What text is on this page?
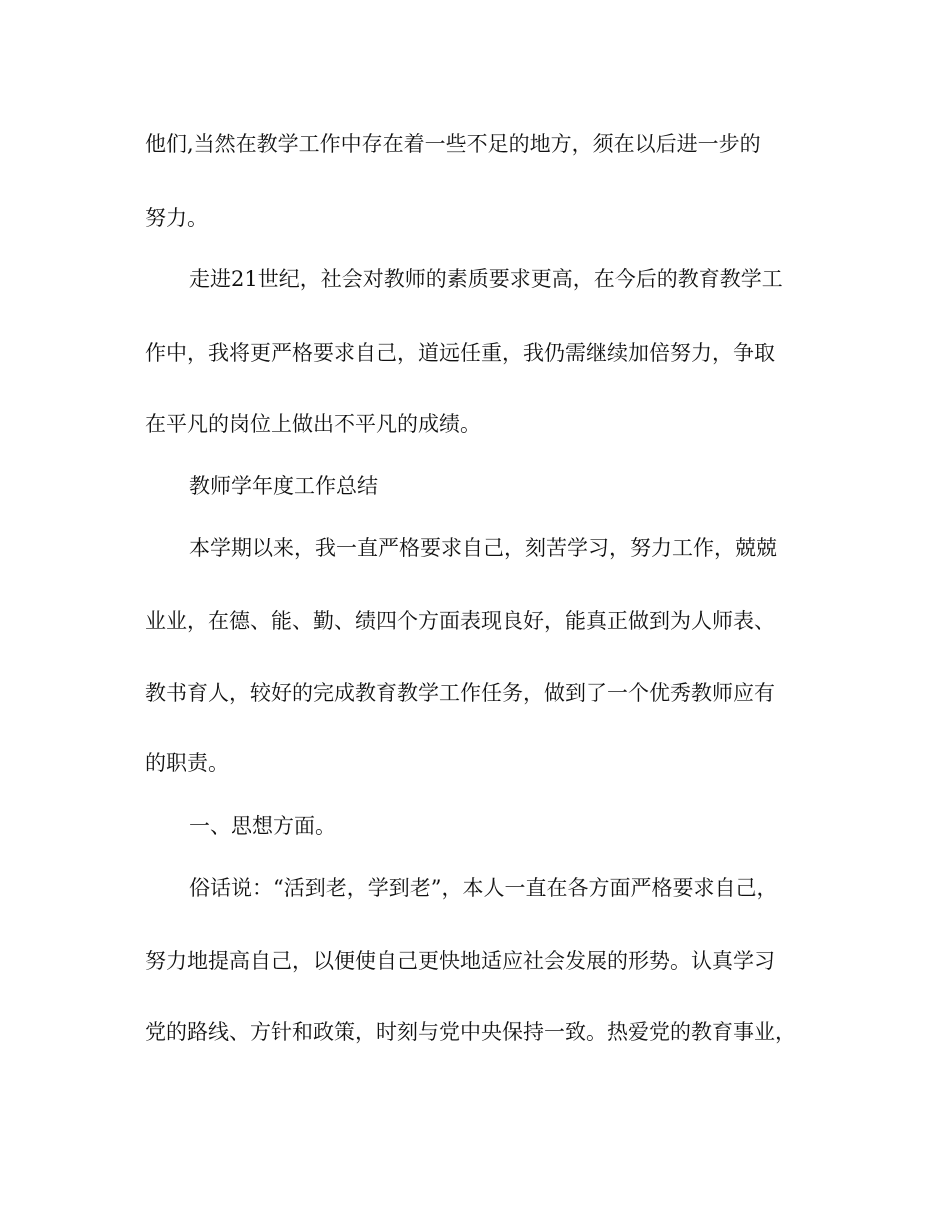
他们,当然在教学工作中存在着一些不足的地方，须在以后进一步的

努力。

走进21世纪，社会对教师的素质要求更高，在今后的教育教学工

作中，我将更严格要求自己，道远任重，我仍需继续加倍努力，争取

在平凡的岗位上做出不平凡的成绩。

教师学年度工作总结

本学期以来，我一直严格要求自己，刻苦学习，努力工作，兢兢

业业，在德、能、勤、绩四个方面表现良好，能真正做到为人师表、

教书育人，较好的完成教育教学工作任务，做到了一个优秀教师应有

的职责。

一、思想方面。

俗话说：“活到老，学到老”，本人一直在各方面严格要求自己，

努力地提高自己，以便使自己更快地适应社会发展的形势。认真学习

党的路线、方针和政策，时刻与党中央保持一致。热爱党的教育事业，
